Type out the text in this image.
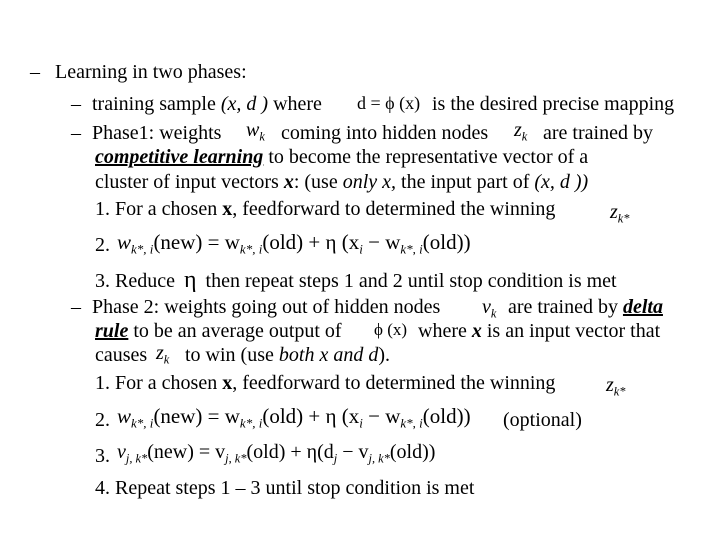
– Learning in two phases:
– training sample (x, d ) where d = ϕ (x) is the desired precise mapping
– Phase1: weights $w_k$ coming into hidden nodes $z_k$ are trained by
competitive learning to become the representative vector of a
cluster of input vectors x: (use only x, the input part of (x, d ))
1. For a chosen x, feedforward to determined the winning	$z_{k*}$
2. $w_{k*, i}(new) = w_{k*, i}(old) + \eta$ $(x_i - w_{k*, i}(old))$
3. Reduce η then repeat steps 1 and 2 until stop condition is met
– Phase 2: weights going out of hidden nodes $v_k$ are trained by delta
rule to be an average output of ϕ (x) where x is an input vector that
causes $z_k$ to win (use both x and d).
1. For a chosen x, feedforward to determined the winning	$z_{k*}$
2. $w_{k*, i}(new) = w_{k*, i}(old) + \eta$ $(x_i - w_{k*, i}(old))$ (optional)
3. $v_{j, k*}(new) = v_{j, k*}(old) + \eta(d_j - v_{j, k*}(old))$
4. Repeat steps 1 – 3 until stop condition is met
